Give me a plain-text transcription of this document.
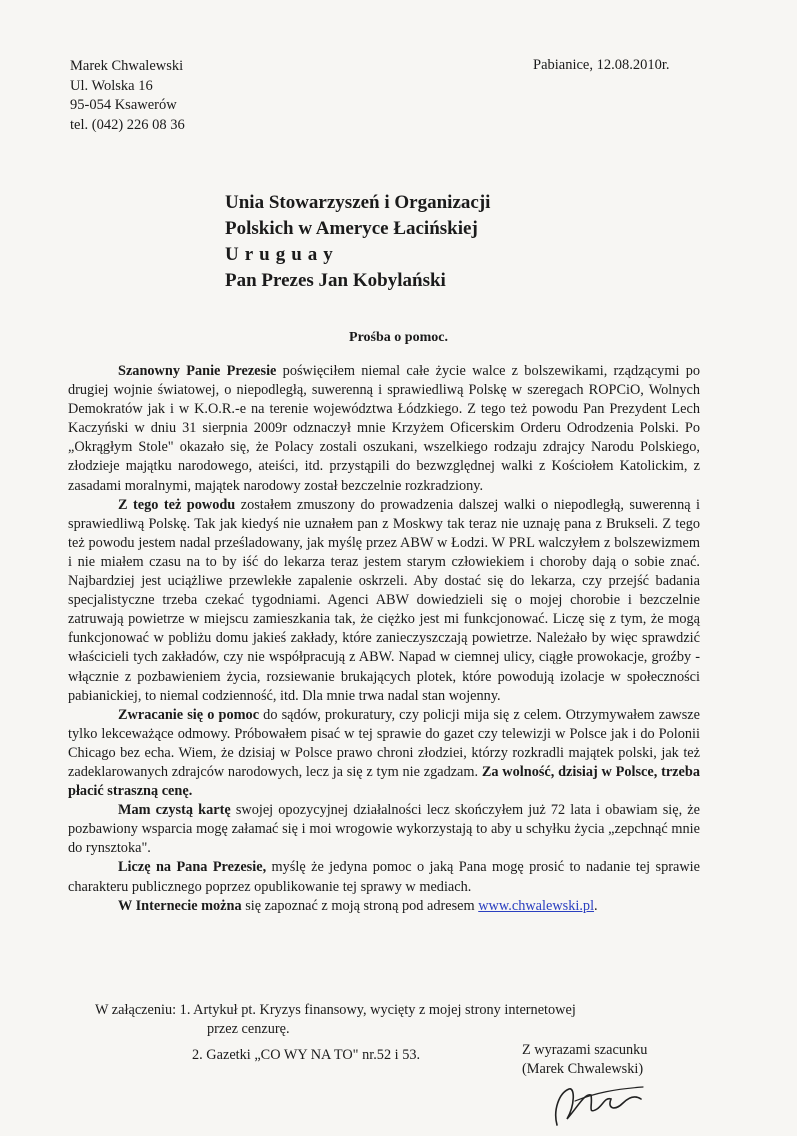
Marek Chwalewski
Ul. Wolska 16
95-054 Ksawerów
tel. (042) 226 08 36
Pabianice, 12.08.2010r.
Unia Stowarzyszeń i Organizacji
Polskich w Ameryce Łacińskiej
Uruguay
Pan Prezes Jan Kobylański
Prośba o pomoc.

Szanowny Panie Prezesie poświęciłem niemal całe życie walce z bolszewikami, rządzącymi po drugiej wojnie światowej, o niepodległą, suwerenną i sprawiedliwą Polskę w szeregach ROPCiO, Wolnych Demokratów jak i w K.O.R.-e na terenie województwa Łódzkiego. Z tego też powodu Pan Prezydent Lech Kaczyński w dniu 31 sierpnia 2009r odznaczył mnie Krzyżem Oficerskim Orderu Odrodzenia Polski. Po „Okrągłym Stole" okazało się, że Polacy zostali oszukani, wszelkiego rodzaju zdrajcy Narodu Polskiego, złodzieje majątku narodowego, ateiści, itd. przystąpili do bezwzględnej walki z Kościołem Katolickim, z zasadami moralnymi, majątek narodowy został bezczelnie rozkradziony.

Z tego też powodu zostałem zmuszony do prowadzenia dalszej walki o niepodległą, suwerenną i sprawiedliwą Polskę. Tak jak kiedyś nie uznałem pan z Moskwy tak teraz nie uznaję pana z Brukseli. Z tego też powodu jestem nadal prześladowany, jak myślę przez ABW w Łodzi. W PRL walczyłem z bolszewizmem i nie miałem czasu na to by iść do lekarza teraz jestem starym człowiekiem i choroby dają o sobie znać. Najbardziej jest uciążliwe przewlekłe zapalenie oskrzeli. Aby dostać się do lekarza, czy przejść badania specjalistyczne trzeba czekać tygodniami. Agenci ABW dowiedzieli się o mojej chorobie i bezczelnie zatruwają powietrze w miejscu zamieszkania tak, że ciężko jest mi funkcjonować. Liczę się z tym, że mogą funkcjonować w pobliżu domu jakieś zakłady, które zanieczyszczają powietrze. Należało by więc sprawdzić właścicieli tych zakładów, czy nie współpracują z ABW. Napad w ciemnej ulicy, ciągłe prowokacje, groźby - włącznie z pozbawieniem życia, rozsiewanie brukających plotek, które powodują izolacje w społeczności pabianickiej, to niemal codzienność, itd. Dla mnie trwa nadal stan wojenny.

Zwracanie się o pomoc do sądów, prokuratury, czy policji mija się z celem. Otrzymywałem zawsze tylko lekceważące odmowy. Próbowałem pisać w tej sprawie do gazet czy telewizji w Polsce jak i do Polonii Chicago bez echa. Wiem, że dzisiaj w Polsce prawo chroni złodziei, którzy rozkradli majątek polski, jak też zadeklarowanych zdrajców narodowych, lecz ja się z tym nie zgadzam. Za wolność, dzisiaj w Polsce, trzeba płacić straszną cenę.

Mam czystą kartę swojej opozycyjnej działalności lecz skończyłem już 72 lata i obawiam się, że pozbawiony wsparcia mogę załamać się i moi wrogowie wykorzystają to aby u schyłku życia „zepchnąć mnie do rynsztoka".

Liczę na Pana Prezesie, myślę że jedyna pomoc o jaką Pana mogę prosić to nadanie tej sprawie charakteru publicznego poprzez opublikowanie tej sprawy w mediach.

W Internecie można się zapoznać z moją stroną pod adresem www.chwalewski.pl.

W załączeniu: 1. Artykuł pt. Kryzys finansowy, wycięty z mojej strony internetowej
przez cenzurę.
2. Gazetki „CO WY NA TO" nr.52 i 53.	Z wyrazami szacunku
(Marek Chwalewski)
